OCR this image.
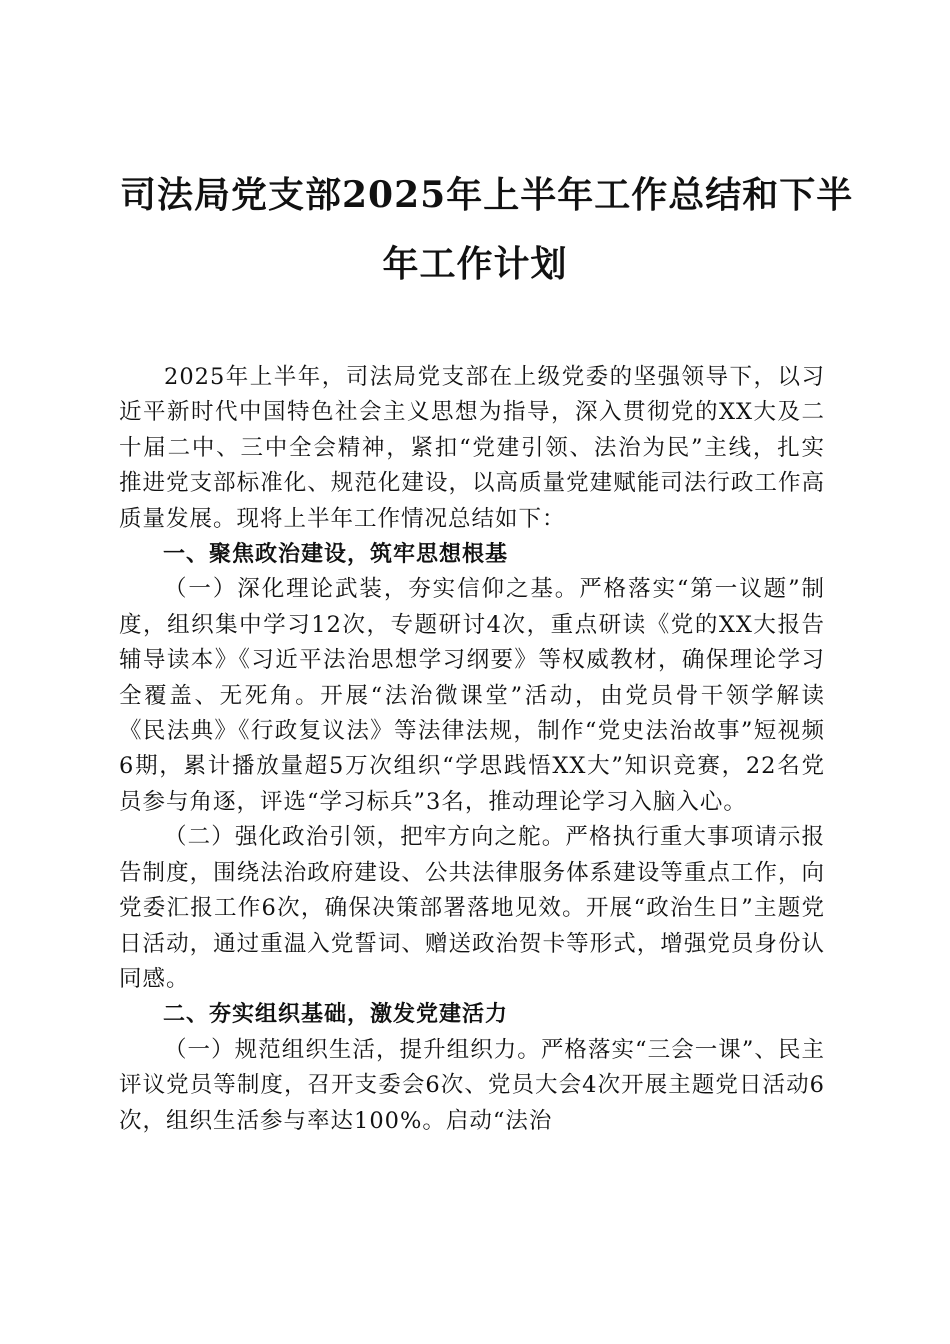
司法局党支部2025年上半年工作总结和下半
年工作计划

2025年上半年，司法局党支部在上级党委的坚强领导下，以习近平新时代中国特色社会主义思想为指导，深入贯彻党的XX大及二十届二中、三中全会精神，紧扣“党建引领、法治为民”主线，扎实推进党支部标准化、规范化建设，以高质量党建赋能司法行政工作高质量发展。现将上半年工作情况总结如下：

一、聚焦政治建设，筑牢思想根基

（一）深化理论武装，夯实信仰之基。严格落实“第一议题”制度，组织集中学习12次，专题研讨4次，重点研读《党的XX大报告辅导读本》《习近平法治思想学习纲要》等权威教材，确保理论学习全覆盖、无死角。开展“法治微课堂”活动，由党员骨干领学解读《民法典》《行政复议法》等法律法规，制作“党史法治故事”短视频6期，累计播放量超5万次组织“学思践悟XX大”知识竞赛，22名党员参与角逐，评选“学习标兵”3名，推动理论学习入脑入心。

（二）强化政治引领，把牢方向之舵。严格执行重大事项请示报告制度，围绕法治政府建设、公共法律服务体系建设等重点工作，向党委汇报工作6次，确保决策部署落地见效。开展“政治生日”主题党日活动，通过重温入党誓词、赠送政治贺卡等形式，增强党员身份认同感。

二、夯实组织基础，激发党建活力

（一）规范组织生活，提升组织力。严格落实“三会一课”、民主评议党员等制度，召开支委会6次、党员大会4次开展主题党日活动6次，组织生活参与率达100%。启动“法治
